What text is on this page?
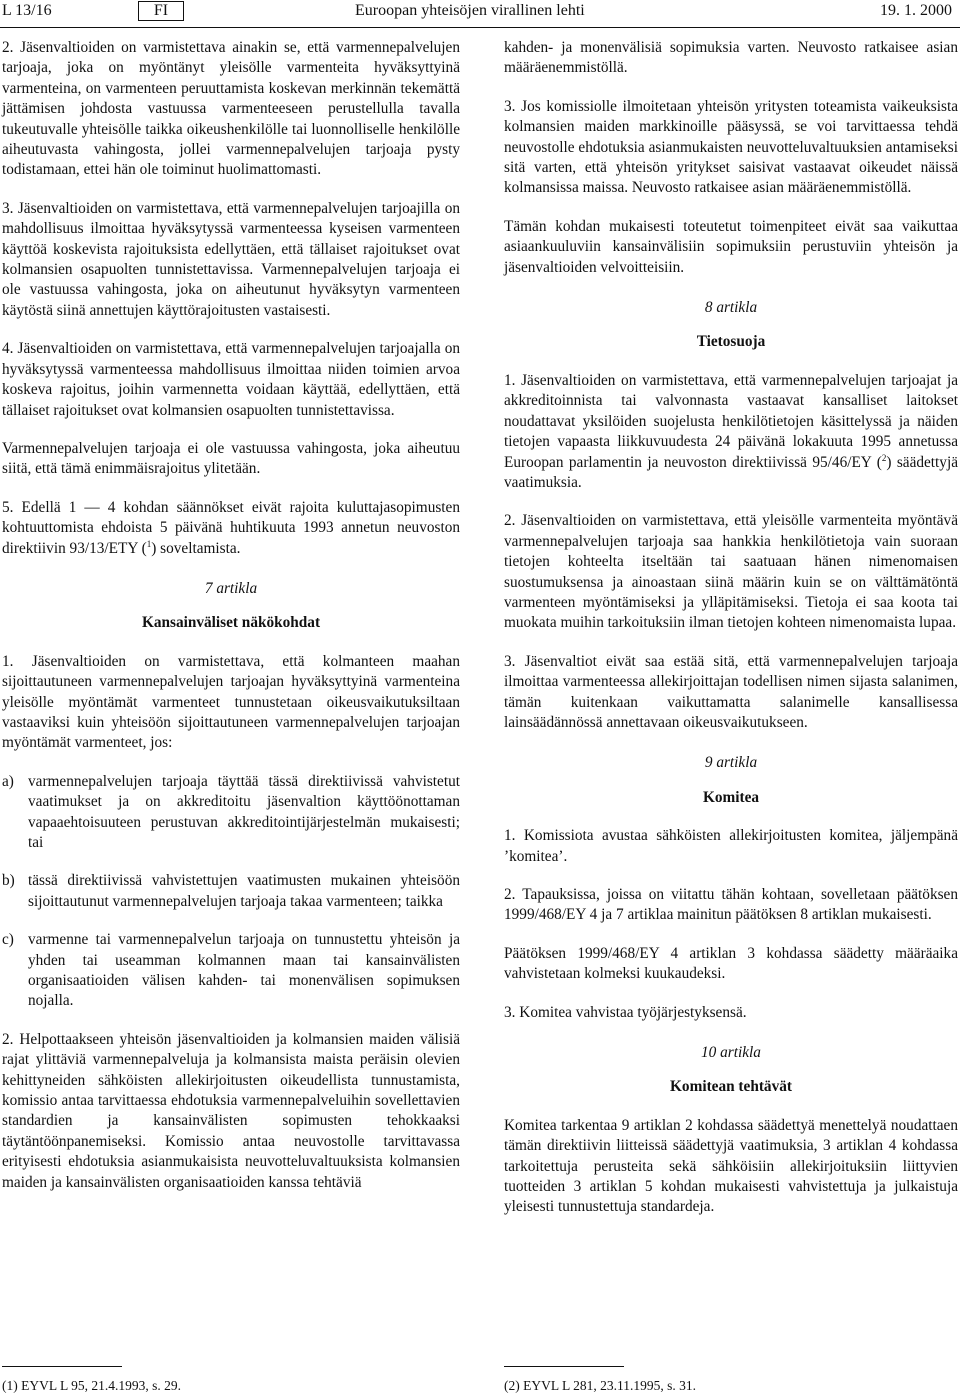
L 13/16	FI	Euroopan yhteisöjen virallinen lehti	19. 1. 2000

2. Jäsenvaltioiden on varmistettava ainakin se, että varmennepalvelujen tarjoaja, joka on myöntänyt yleisölle varmenteita hyväksyttyinä varmenteina, on varmenteen peruuttamista koskevan merkinnän tekemättä jättämisen johdosta vastuussa varmenteeseen perustellulla tavalla tukeutuvalle yhteisölle taikka oikeushenkilölle tai luonnolliselle henkilölle aiheutuvasta vahingosta, jollei varmennepalvelujen tarjoaja pysty todistamaan, ettei hän ole toiminut huolimattomasti.

3. Jäsenvaltioiden on varmistettava, että varmennepalvelujen tarjoajilla on mahdollisuus ilmoittaa hyväksytyssä varmenteessa kyseisen varmenteen käyttöä koskevista rajoituksista edellyttäen, että tällaiset rajoitukset ovat kolmansien osapuolten tunnistettavissa. Varmennepalvelujen tarjoaja ei ole vastuussa vahingosta, joka on aiheutunut hyväksytyn varmenteen käytöstä siinä annettujen käyttörajoitusten vastaisesti.

4. Jäsenvaltioiden on varmistettava, että varmennepalvelujen tarjoajalla on hyväksytyssä varmenteessa mahdollisuus ilmoittaa niiden toimien arvoa koskeva rajoitus, joihin varmennetta voidaan käyttää, edellyttäen, että tällaiset rajoitukset ovat kolmansien osapuolten tunnistettavissa.

Varmennepalvelujen tarjoaja ei ole vastuussa vahingosta, joka aiheutuu siitä, että tämä enimmäisrajoitus ylitetään.

5. Edellä 1 — 4 kohdan säännökset eivät rajoita kuluttajasopimusten kohtuuttomista ehdoista 5 päivänä huhtikuuta 1993 annetun neuvoston direktiivin 93/13/ETY ($^1$) soveltamista.

7 artikla
Kansainväliset näkökohdat

1. Jäsenvaltioiden on varmistettava, että kolmanteen maahan sijoittautuneen varmennepalvelujen tarjoajan hyväksyttyinä varmenteina yleisölle myöntämät varmenteet tunnustetaan oikeusvaikutuksiltaan vastaaviksi kuin yhteisöön sijoittautuneen varmennepalvelujen tarjoajan myöntämät varmenteet, jos:

a) varmennepalvelujen tarjoaja täyttää tässä direktiivissä vahvistetut vaatimukset ja on akkreditoitu jäsenvaltion käyttöönottaman vapaaehtoisuuteen perustuvan akkreditointijärjestelmän mukaisesti; tai
b) tässä direktiivissä vahvistettujen vaatimusten mukainen yhteisöön sijoittautunut varmennepalvelujen tarjoaja takaa varmenteen; taikka
c) varmenne tai varmennepalvelun tarjoaja on tunnustettu yhteisön ja yhden tai useamman kolmannen maan tai kansainvälisten organisaatioiden välisen kahden- tai monenvälisen sopimuksen nojalla.

2. Helpottaakseen yhteisön jäsenvaltioiden ja kolmansien maiden välisiä rajat ylittäviä varmennepalveluja ja kolmansista maista peräisin olevien kehittyneiden sähköisten allekirjoitusten oikeudellista tunnustamista, komissio antaa tarvittaessa ehdotuksia varmennepalveluihin sovellettavien standardien ja kansainvälisten sopimusten tehokkaaksi täytäntöönpanemiseksi. Komissio antaa neuvostolle tarvittavassa erityisesti ehdotuksia asianmukaisista neuvotteluvaltuuksista kolmansien maiden ja kansainvälisten organisaatioiden kanssa tehtäviä

kahden- ja monenvälisiä sopimuksia varten. Neuvosto ratkaisee asian määräenemmistöllä.

3. Jos komissiolle ilmoitetaan yhteisön yritysten toteamista vaikeuksista kolmansien maiden markkinoille pääsyssä, se voi tarvittaessa tehdä neuvostolle ehdotuksia asianmukaisten neuvotteluvaltuuksien antamiseksi sitä varten, että yhteisön yritykset saisivat vastaavat oikeudet näissä kolmansissa maissa. Neuvosto ratkaisee asian määräenemmistöllä.

Tämän kohdan mukaisesti toteutetut toimenpiteet eivät saa vaikuttaa asiaankuuluviin kansainvälisiin sopimuksiin perustuviin yhteisön ja jäsenvaltioiden velvoitteisiin.

8 artikla
Tietosuoja

1. Jäsenvaltioiden on varmistettava, että varmennepalvelujen tarjoajat ja akkreditoinnista tai valvonnasta vastaavat kansalliset laitokset noudattavat yksilöiden suojelusta henkilötietojen käsittelyssä ja näiden tietojen vapaasta liikkuvuudesta 24 päivänä lokakuuta 1995 annetussa Euroopan parlamentin ja neuvoston direktiivissä 95/46/EY ($^2$) säädettyjä vaatimuksia.

2. Jäsenvaltioiden on varmistettava, että yleisölle varmenteita myöntävä varmennepalvelujen tarjoaja saa hankkia henkilötietoja vain suoraan tietojen kohteelta itseltään tai saatuaan hänen nimenomaisen suostumuksensa ja ainoastaan siinä määrin kuin se on välttämätöntä varmenteen myöntämiseksi ja ylläpitämiseksi. Tietoja ei saa koota tai muokata muihin tarkoituksiin ilman tietojen kohteen nimenomaista lupaa.

3. Jäsenvaltiot eivät saa estää sitä, että varmennepalvelujen tarjoaja ilmoittaa varmenteessa allekirjoittajan todellisen nimen sijasta salanimen, tämän kuitenkaan vaikuttamatta salanimelle kansallisessa lainsäädännössä annettavaan oikeusvaikutukseen.

9 artikla
Komitea

1. Komissiota avustaa sähköisten allekirjoitusten komitea, jäljempänä ’komitea’.

2. Tapauksissa, joissa on viitattu tähän kohtaan, sovelletaan päätöksen 1999/468/EY 4 ja 7 artiklaa mainitun päätöksen 8 artiklan mukaisesti.

Päätöksen 1999/468/EY 4 artiklan 3 kohdassa säädetty määräaika vahvistetaan kolmeksi kuukaudeksi.

3. Komitea vahvistaa työjärjestyksensä.

10 artikla
Komitean tehtävät

Komitea tarkentaa 9 artiklan 2 kohdassa säädettyä menettelyä noudattaen tämän direktiivin liitteissä säädettyjä vaatimuksia, 3 artiklan 4 kohdassa tarkoitettuja perusteita sekä sähköisiin allekirjoituksiin liittyvien tuotteiden 3 artiklan 5 kohdan mukaisesti vahvistettuja ja julkaistuja yleisesti tunnustettuja standardeja.

(1) EYVL L 95, 21.4.1993, s. 29.	(2) EYVL L 281, 23.11.1995, s. 31.
